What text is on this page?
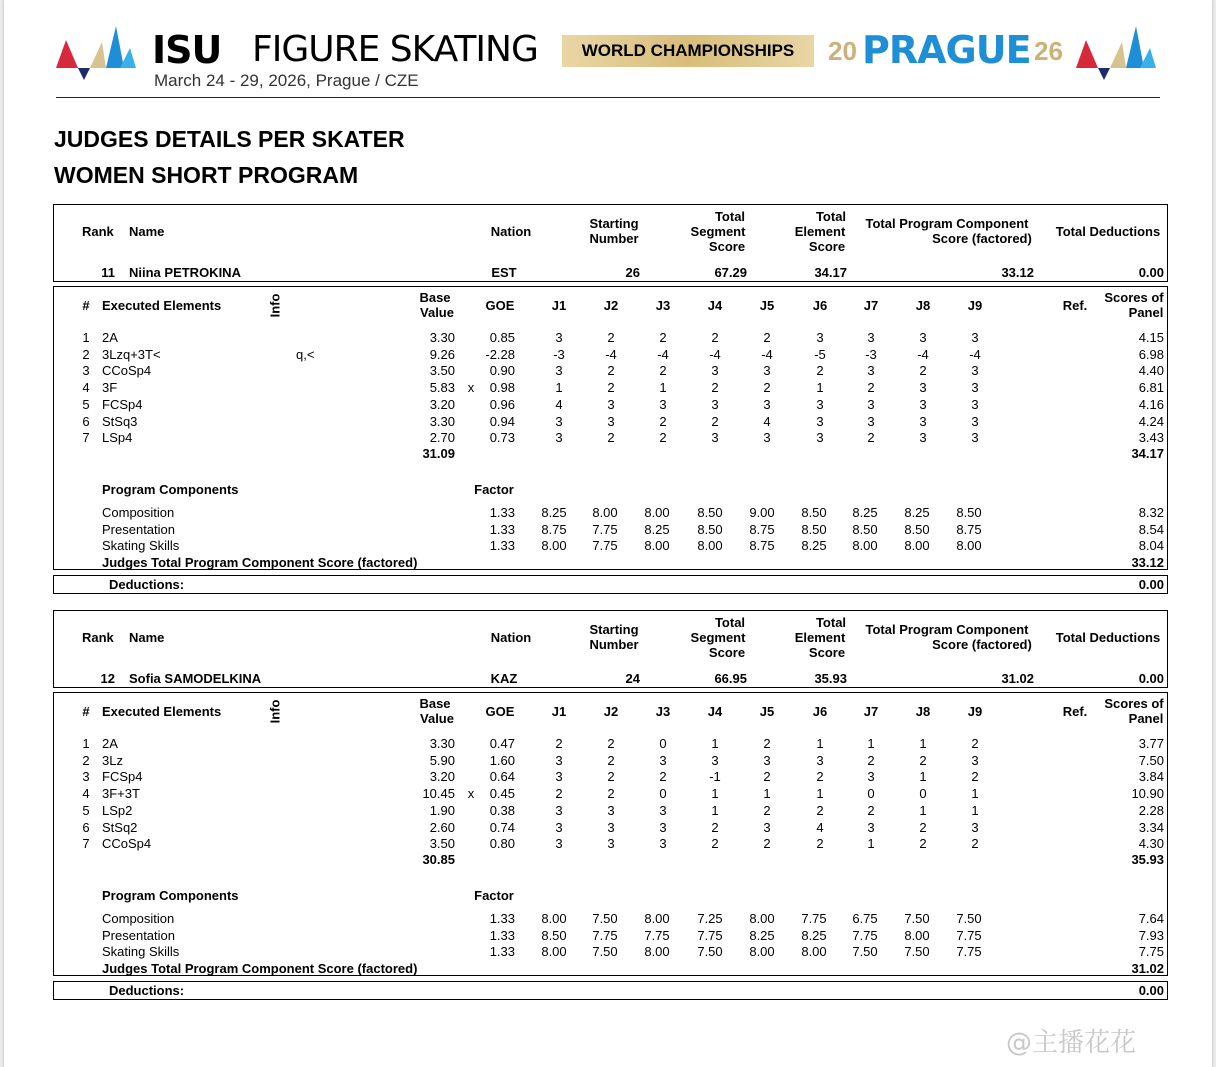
ISU FIGURE SKATING	WORLD CHAMPIONSHIPS	20 PRAGUE 26
March 24 - 29, 2026, Prague / CZE
JUDGES DETAILS PER SKATER
WOMEN SHORT PROGRAM
Rank Name	Nation
Starting
Number
Total
Segment
Score
Total
Element
Score
Total Program Component
Score (factored)	Total Deductions
11 Niina PETROKINA	EST	26	67.29	34.17	33.12	0.00
# Executed Elements	Info	Base
Value	GOE	J1	J2	J3	J4	J5	J6	J7	J8	J9	Ref.
Scores of
Panel
1 2A	3.30	0.85	3	2	2	2	2	3	3	3	3	4.15
2 3Lzq+3T<	q,<	9.26	-2.28	-3	-4	-4	-4	-4	-5	-3	-4	-4	6.98
3 CCoSp4	3.50	0.90	3	2	2	3	3	2	3	2	3	4.40
4 3F	5.83 x	0.98	1	2	1	2	2	1	2	3	3	6.81
5 FCSp4	3.20	0.96	4	3	3	3	3	3	3	3	3	4.16
6 StSq3	3.30	0.94	3	3	2	2	4	3	3	3	3	4.24
7 LSp4	2.70	0.73	3	2	2	3	3	3	2	3	3	3.43
31.09	34.17
Program Components	Factor
Composition	1.33	8.25	8.00	8.00	8.50	9.00	8.50	8.25	8.25	8.50	8.32
Presentation	1.33	8.75	7.75	8.25	8.50	8.75	8.50	8.50	8.50	8.75	8.54
Skating Skills	1.33	8.00	7.75	8.00	8.00	8.75	8.25	8.00	8.00	8.00	8.04
Judges Total Program Component Score (factored)	33.12
Deductions:	0.00
Rank Name	Nation
Starting
Number
Total
Segment
Score
Total
Element
Score
Total Program Component
Score (factored)	Total Deductions
12 Sofia SAMODELKINA	KAZ	24	66.95	35.93	31.02	0.00
# Executed Elements	Info	Base
Value	GOE	J1	J2	J3	J4	J5	J6	J7	J8	J9	Ref.
Scores of
Panel
1 2A	3.30	0.47	2	2	0	1	2	1	1	1	2	3.77
2 3Lz	5.90	1.60	3	2	3	3	3	3	2	2	3	7.50
3 FCSp4	3.20	0.64	3	2	2	-1	2	2	3	1	2	3.84
4 3F+3T	10.45 x	0.45	2	2	0	1	1	1	0	0	1	10.90
5 LSp2	1.90	0.38	3	3	3	1	2	2	2	1	1	2.28
6 StSq2	2.60	0.74	3	3	3	2	3	4	3	2	3	3.34
7 CCoSp4	3.50	0.80	3	3	3	2	2	2	1	2	2	4.30
30.85	35.93
Program Components	Factor
Composition	1.33	8.00	7.50	8.00	7.25	8.00	7.75	6.75	7.50	7.50	7.64
Presentation	1.33	8.50	7.75	7.75	7.75	8.25	8.25	7.75	8.00	7.75	7.93
Skating Skills	1.33	8.00	7.50	8.00	7.50	8.00	8.00	7.50	7.50	7.75	7.75
Judges Total Program Component Score (factored)	31.02
Deductions:	0.00
@主播花花
